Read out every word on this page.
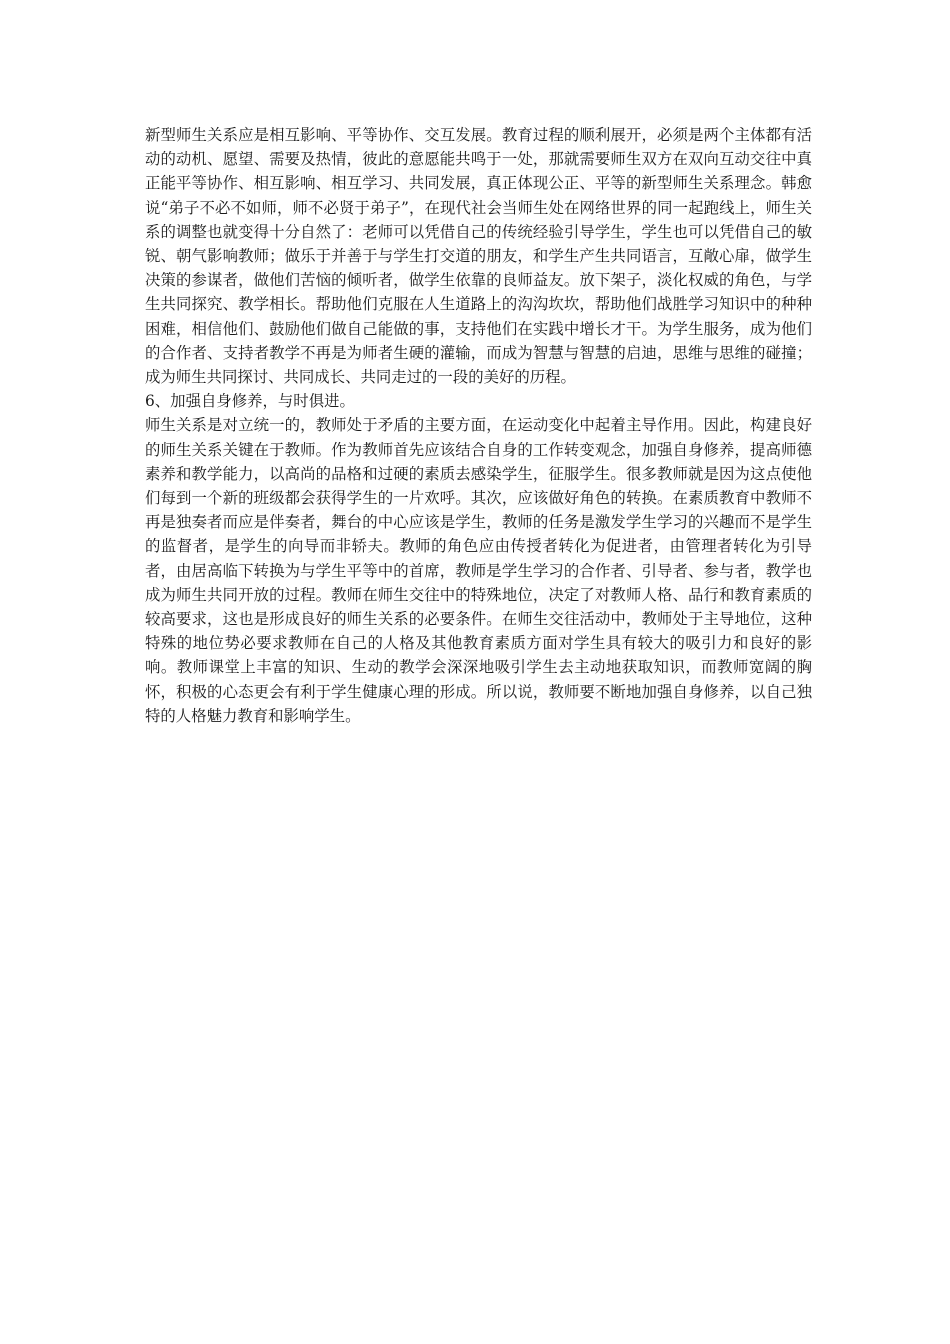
新型师生关系应是相互影响、平等协作、交互发展。教育过程的顺利展开，必须是两个主体都有活动的动机、愿望、需要及热情，彼此的意愿能共鸣于一处，那就需要师生双方在双向互动交往中真正能平等协作、相互影响、相互学习、共同发展，真正体现公正、平等的新型师生关系理念。韩愈说“弟子不必不如师，师不必贤于弟子”，在现代社会当师生处在网络世界的同一起跑线上，师生关系的调整也就变得十分自然了：老师可以凭借自己的传统经验引导学生，学生也可以凭借自己的敏锐、朝气影响教师；做乐于并善于与学生打交道的朋友，和学生产生共同语言，互敞心扉，做学生决策的参谋者，做他们苦恼的倾听者，做学生依靠的良师益友。放下架子，淡化权威的角色，与学生共同探究、教学相长。帮助他们克服在人生道路上的沟沟坎坎，帮助他们战胜学习知识中的种种困难，相信他们、鼓励他们做自己能做的事，支持他们在实践中增长才干。为学生服务，成为他们的合作者、支持者教学不再是为师者生硬的灌输，而成为智慧与智慧的启迪，思维与思维的碰撞；成为师生共同探讨、共同成长、共同走过的一段的美好的历程。

6、加强自身修养，与时俱进。

师生关系是对立统一的，教师处于矛盾的主要方面，在运动变化中起着主导作用。因此，构建良好的师生关系关键在于教师。作为教师首先应该结合自身的工作转变观念，加强自身修养，提高师德素养和教学能力，以高尚的品格和过硬的素质去感染学生，征服学生。很多教师就是因为这点使他们每到一个新的班级都会获得学生的一片欢呼。其次，应该做好角色的转换。在素质教育中教师不再是独奏者而应是伴奏者，舞台的中心应该是学生，教师的任务是激发学生学习的兴趣而不是学生的监督者，是学生的向导而非轿夫。教师的角色应由传授者转化为促进者，由管理者转化为引导者，由居高临下转换为与学生平等中的首席，教师是学生学习的合作者、引导者、参与者，教学也成为师生共同开放的过程。教师在师生交往中的特殊地位，决定了对教师人格、品行和教育素质的较高要求，这也是形成良好的师生关系的必要条件。在师生交往活动中，教师处于主导地位，这种特殊的地位势必要求教师在自己的人格及其他教育素质方面对学生具有较大的吸引力和良好的影响。教师课堂上丰富的知识、生动的教学会深深地吸引学生去主动地获取知识，而教师宽阔的胸怀，积极的心态更会有利于学生健康心理的形成。所以说，教师要不断地加强自身修养，以自己独特的人格魅力教育和影响学生。
